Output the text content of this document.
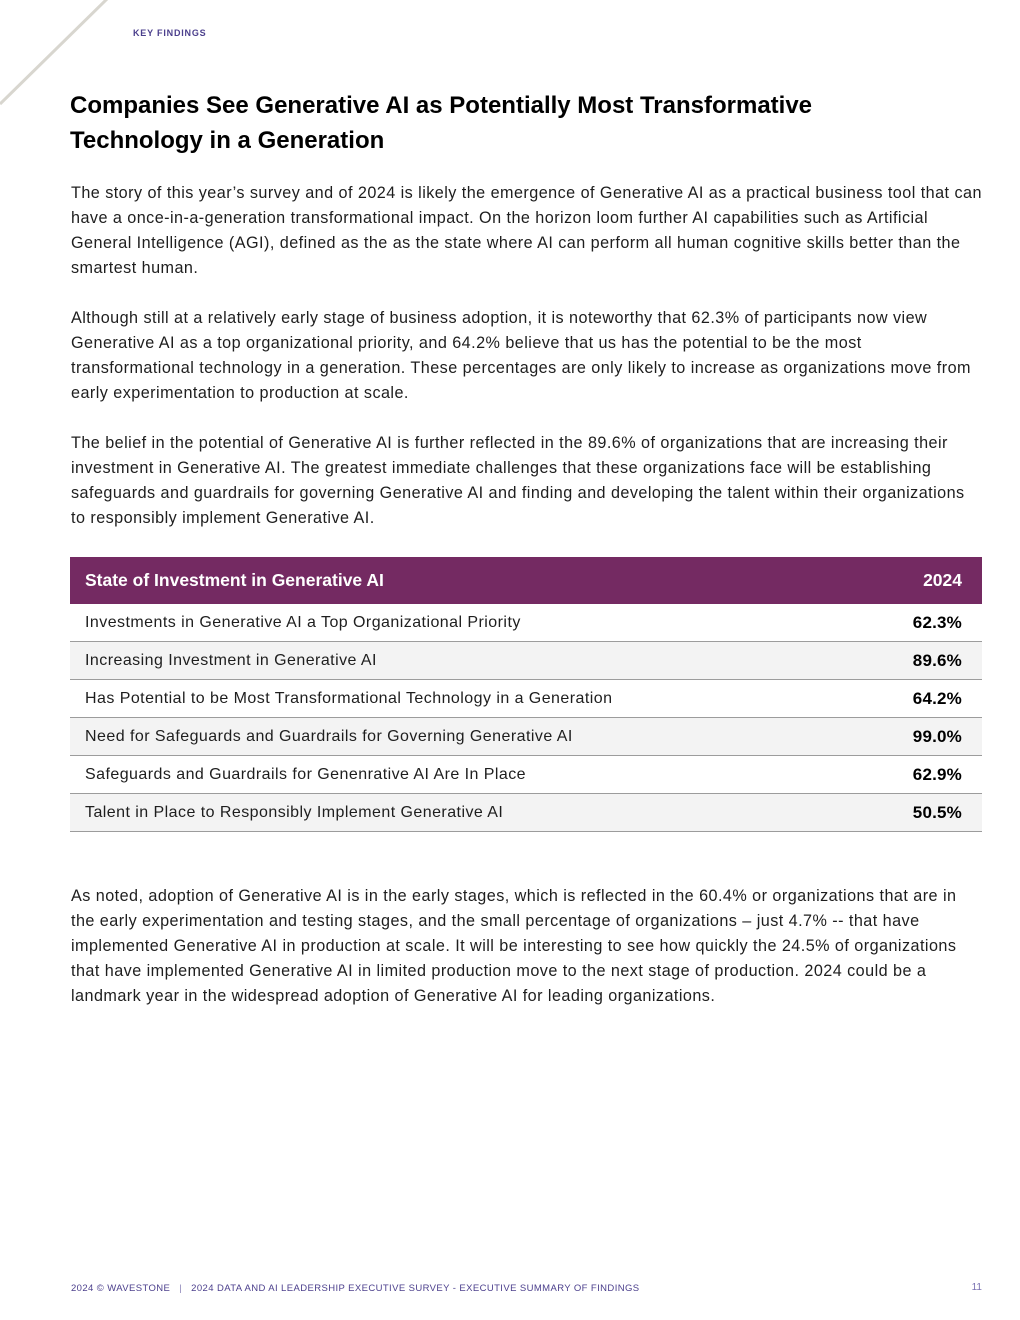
KEY FINDINGS
Companies See Generative AI as Potentially Most Transformative Technology in a Generation

The story of this year’s survey and of 2024 is likely the emergence of Generative AI as a practical business tool that can have a once-in-a-generation transformational impact. On the horizon loom further AI capabilities such as Artificial General Intelligence (AGI), defined as the as the state where AI can perform all human cognitive skills better than the smartest human.

Although still at a relatively early stage of business adoption, it is noteworthy that 62.3% of participants now view Generative AI as a top organizational priority, and 64.2% believe that us has the potential to be the most transformational technology in a generation. These percentages are only likely to increase as organizations move from early experimentation to production at scale.

The belief in the potential of Generative AI is further reflected in the 89.6% of organizations that are increasing their investment in Generative AI. The greatest immediate challenges that these organizations face will be establishing safeguards and guardrails for governing Generative AI and finding and developing the talent within their organizations to responsibly implement Generative AI.

State of Investment in Generative AI	2024
Investments in Generative AI a Top Organizational Priority	62.3%
Increasing Investment in Generative AI	89.6%
Has Potential to be Most Transformational Technology in a Generation	64.2%
Need for Safeguards and Guardrails for Governing Generative AI	99.0%
Safeguards and Guardrails for Genenrative AI Are In Place	62.9%
Talent in Place to Responsibly Implement Generative AI	50.5%

As noted, adoption of Generative AI is in the early stages, which is reflected in the 60.4% or organizations that are in the early experimentation and testing stages, and the small percentage of organizations – just 4.7% -- that have implemented Generative AI in production at scale. It will be interesting to see how quickly the 24.5% of organizations that have implemented Generative AI in limited production move to the next stage of production. 2024 could be a landmark year in the widespread adoption of Generative AI for leading organizations.

2024 © WAVESTONE | 2024 DATA AND AI LEADERSHIP EXECUTIVE SURVEY - EXECUTIVE SUMMARY OF FINDINGS	11
